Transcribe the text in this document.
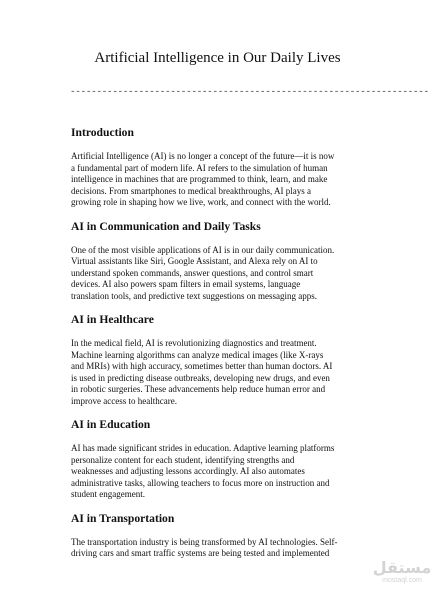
Artificial Intelligence in Our Daily Lives
--------------------------------------------------------------------
Introduction
Artificial Intelligence (AI) is no longer a concept of the future—it is now
a fundamental part of modern life. AI refers to the simulation of human
intelligence in machines that are programmed to think, learn, and make
decisions. From smartphones to medical breakthroughs, AI plays a
growing role in shaping how we live, work, and connect with the world.
AI in Communication and Daily Tasks
One of the most visible applications of AI is in our daily communication.
Virtual assistants like Siri, Google Assistant, and Alexa rely on AI to
understand spoken commands, answer questions, and control smart
devices. AI also powers spam filters in email systems, language
translation tools, and predictive text suggestions on messaging apps.
AI in Healthcare
In the medical field, AI is revolutionizing diagnostics and treatment.
Machine learning algorithms can analyze medical images (like X-rays
and MRIs) with high accuracy, sometimes better than human doctors. AI
is used in predicting disease outbreaks, developing new drugs, and even
in robotic surgeries. These advancements help reduce human error and
improve access to healthcare.
AI in Education
AI has made significant strides in education. Adaptive learning platforms
personalize content for each student, identifying strengths and
weaknesses and adjusting lessons accordingly. AI also automates
administrative tasks, allowing teachers to focus more on instruction and
student engagement.
AI in Transportation
The transportation industry is being transformed by AI technologies. Self-
driving cars and smart traffic systems are being tested and implemented
مستقل
mostaql.com
